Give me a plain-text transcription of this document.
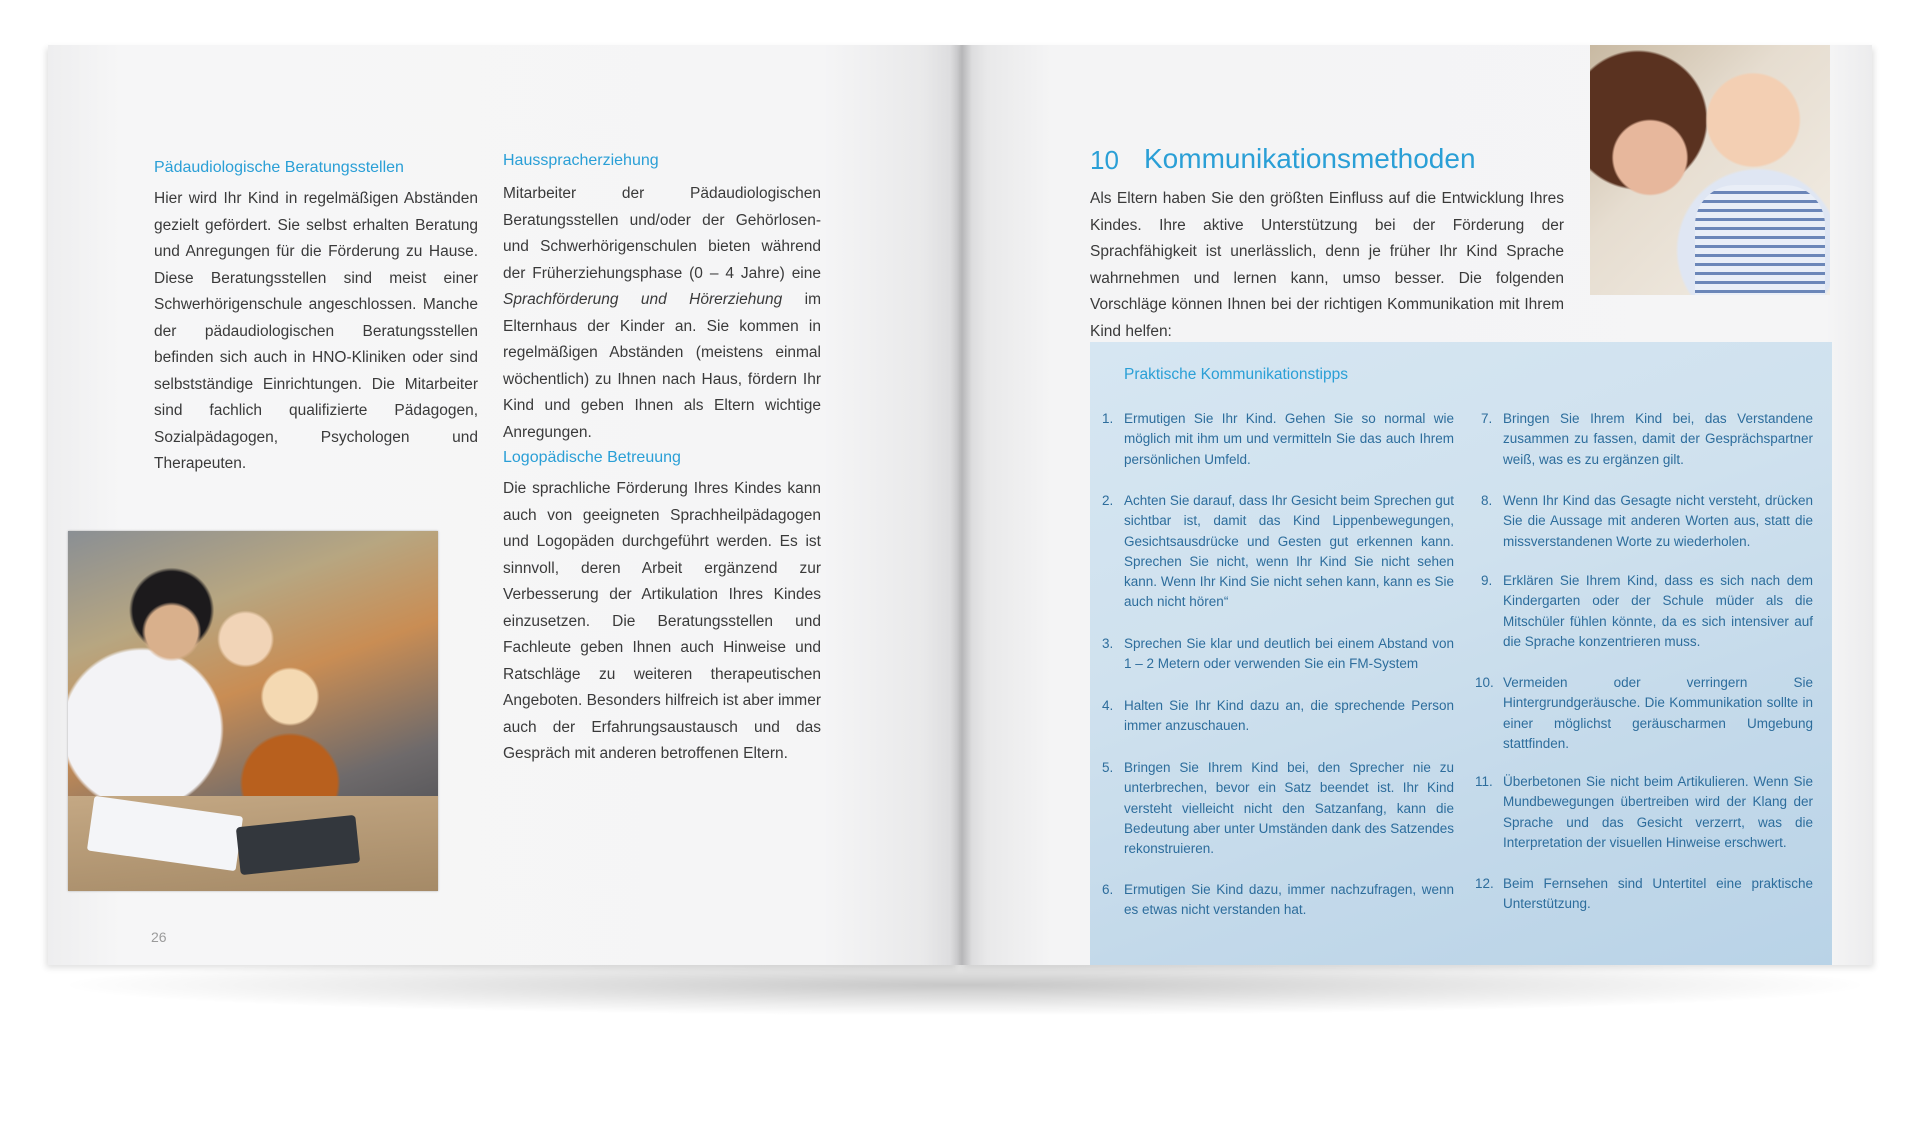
Pädaudiologische Beratungsstellen

Hier wird Ihr Kind in regelmäßigen Abständen gezielt gefördert. Sie selbst erhalten Beratung und Anregungen für die Förderung zu Hause. Diese Beratungsstellen sind meist einer Schwerhörigenschule angeschlossen. Manche der pädaudiologischen Beratungsstellen befinden sich auch in HNO-Kliniken oder sind selbstständige Einrichtungen. Die Mitarbeiter sind fachlich qualifizierte Pädagogen, Sozialpädagogen, Psychologen und Therapeuten.

Hausspracherziehung

Mitarbeiter der Pädaudiologischen Beratungsstellen und/oder der Gehörlosen- und Schwerhörigenschulen bieten während der Früherziehungsphase (0 – 4 Jahre) eine Sprachförderung und Hörerziehung im Elternhaus der Kinder an. Sie kommen in regelmäßigen Abständen (meistens einmal wöchentlich) zu Ihnen nach Haus, fördern Ihr Kind und geben Ihnen als Eltern wichtige Anregungen.

Logopädische Betreuung

Die sprachliche Förderung Ihres Kindes kann auch von geeigneten Sprachheilpädagogen und Logopäden durchgeführt werden. Es ist sinnvoll, deren Arbeit ergänzend zur Verbesserung der Artikulation Ihres Kindes einzusetzen. Die Beratungsstellen und Fachleute geben Ihnen auch Hinweise und Ratschläge zu weiteren therapeutischen Angeboten. Besonders hilfreich ist aber immer auch der Erfahrungsaustausch und das Gespräch mit anderen betroffenen Eltern.

26
10 Kommunikationsmethoden

Als Eltern haben Sie den größten Einfluss auf die Entwicklung Ihres Kindes. Ihre aktive Unterstützung bei der Förderung der Sprachfähigkeit ist unerlässlich, denn je früher Ihr Kind Sprache wahrnehmen und lernen kann, umso besser. Die folgenden Vorschläge können Ihnen bei der richtigen Kommunikation mit Ihrem Kind helfen:

Praktische Kommunikationstipps
1. Ermutigen Sie Ihr Kind. Gehen Sie so normal wie möglich mit ihm um und vermitteln Sie das auch Ihrem persönlichen Umfeld.
2. Achten Sie darauf, dass Ihr Gesicht beim Sprechen gut sichtbar ist, damit das Kind Lippenbewegungen, Gesichtsausdrücke und Gesten gut erkennen kann. Sprechen Sie nicht, wenn Ihr Kind Sie nicht sehen kann. Wenn Ihr Kind Sie nicht sehen kann, kann es Sie auch nicht hören“
3. Sprechen Sie klar und deutlich bei einem Abstand von 1 – 2 Metern oder verwenden Sie ein FM-System
4. Halten Sie Ihr Kind dazu an, die sprechende Person immer anzuschauen.
5. Bringen Sie Ihrem Kind bei, den Sprecher nie zu unterbrechen, bevor ein Satz beendet ist. Ihr Kind versteht vielleicht nicht den Satzanfang, kann die Bedeutung aber unter Umständen dank des Satzendes rekonstruieren.
6. Ermutigen Sie Kind dazu, immer nachzufragen, wenn es etwas nicht verstanden hat.
7. Bringen Sie Ihrem Kind bei, das Verstandene zusammen zu fassen, damit der Gesprächspartner weiß, was es zu ergänzen gilt.
8. Wenn Ihr Kind das Gesagte nicht versteht, drücken Sie die Aussage mit anderen Worten aus, statt die missverstandenen Worte zu wiederholen.
9. Erklären Sie Ihrem Kind, dass es sich nach dem Kindergarten oder der Schule müder als die Mitschüler fühlen könnte, da es sich intensiver auf die Sprache konzentrieren muss.
10. Vermeiden oder verringern Sie Hintergrundgeräusche. Die Kommunikation sollte in einer möglichst geräuscharmen Umgebung stattfinden.
11. Überbetonen Sie nicht beim Artikulieren. Wenn Sie Mundbewegungen übertreiben wird der Klang der Sprache und das Gesicht verzerrt, was die Interpretation der visuellen Hinweise erschwert.
12. Beim Fernsehen sind Untertitel eine praktische Unterstützung.
